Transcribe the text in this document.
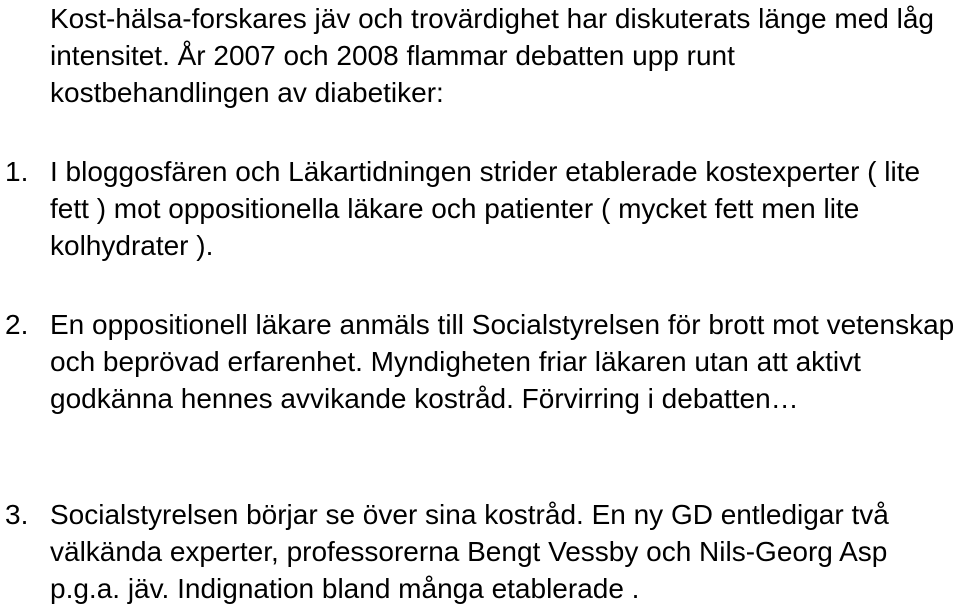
Kost-hälsa-forskares jäv och trovärdighet har diskuterats länge med låg intensitet. År 2007 och 2008 flammar debatten upp runt kostbehandlingen av diabetiker:
1. I bloggosfären och Läkartidningen strider etablerade kostexperter ( lite fett ) mot oppositionella läkare och patienter ( mycket fett men lite kolhydrater ).
2. En oppositionell läkare anmäls till Socialstyrelsen för brott mot vetenskap och beprövad erfarenhet. Myndigheten friar läkaren utan att aktivt godkänna hennes avvikande kostråd. Förvirring i debatten…
3. Socialstyrelsen börjar se över sina kostråd. En ny GD entledigar två välkända experter, professorerna Bengt Vessby och Nils-Georg Asp p.g.a. jäv. Indignation bland många etablerade .
